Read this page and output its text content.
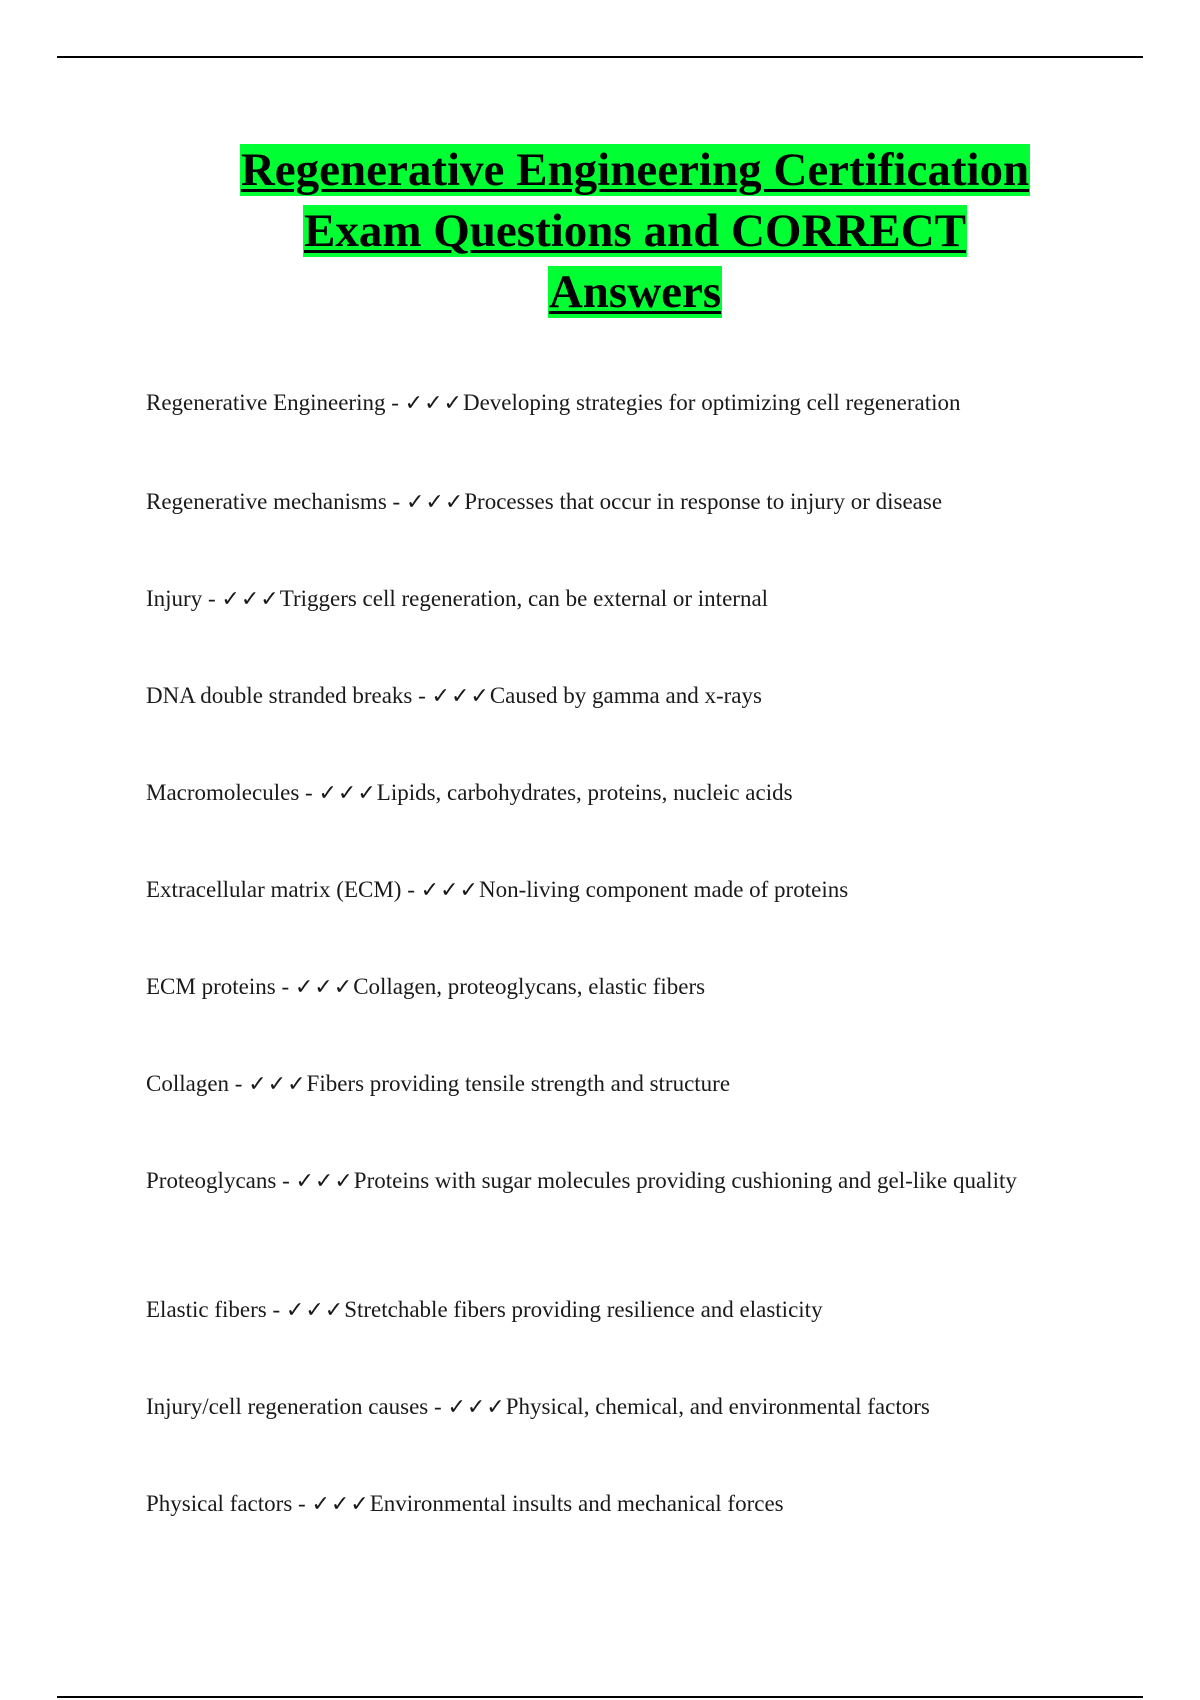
Regenerative Engineering Certification
Exam Questions and CORRECT
Answers

Regenerative Engineering - ✓✓✓Developing strategies for optimizing cell regeneration

Regenerative mechanisms - ✓✓✓Processes that occur in response to injury or disease

Injury - ✓✓✓Triggers cell regeneration, can be external or internal

DNA double stranded breaks - ✓✓✓Caused by gamma and x-rays

Macromolecules - ✓✓✓Lipids, carbohydrates, proteins, nucleic acids

Extracellular matrix (ECM) - ✓✓✓Non-living component made of proteins

ECM proteins - ✓✓✓Collagen, proteoglycans, elastic fibers

Collagen - ✓✓✓Fibers providing tensile strength and structure

Proteoglycans - ✓✓✓Proteins with sugar molecules providing cushioning and gel-like quality

Elastic fibers - ✓✓✓Stretchable fibers providing resilience and elasticity

Injury/cell regeneration causes - ✓✓✓Physical, chemical, and environmental factors

Physical factors - ✓✓✓Environmental insults and mechanical forces
